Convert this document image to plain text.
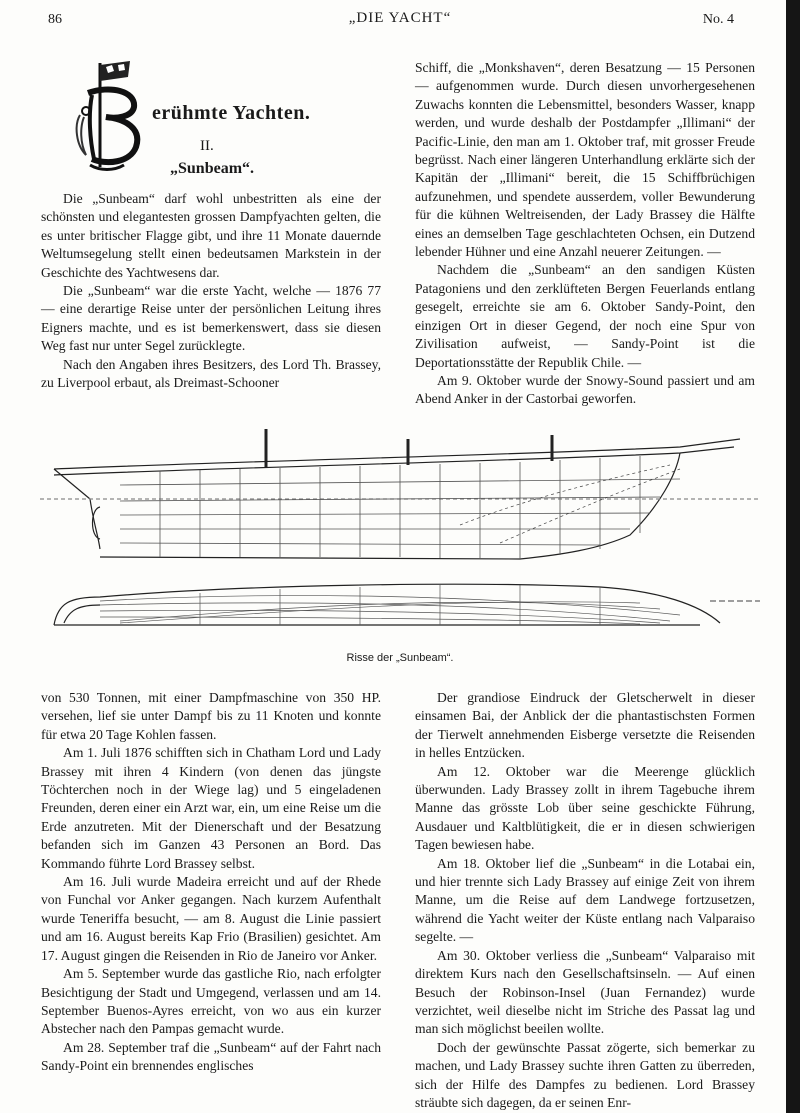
86	„DIE YACHT“	No. 4
erühmte Yachten.
II.
„Sunbeam“.

Die „Sunbeam“ darf wohl unbestritten als eine der schönsten und elegantesten grossen Dampfyachten gelten, die es unter britischer Flagge gibt, und ihre 11 Monate dauernde Weltumsegelung stellt einen bedeutsamen Markstein in der Geschichte des Yachtwesens dar.

Die „Sunbeam“ war die erste Yacht, welche — 1876 77 — eine derartige Reise unter der persönlichen Leitung ihres Eigners machte, und es ist bemerkenswert, dass sie diesen Weg fast nur unter Segel zurücklegte.

Nach den Angaben ihres Besitzers, des Lord Th. Brassey, zu Liverpool erbaut, als Dreimast-Schooner

Schiff, die „Monkshaven“, deren Besatzung — 15 Personen — aufgenommen wurde. Durch diesen unvorhergesehenen Zuwachs konnten die Lebensmittel, besonders Wasser, knapp werden, und wurde deshalb der Postdampfer „Illimani“ der Pacific-Linie, den man am 1. Oktober traf, mit grosser Freude begrüsst. Nach einer längeren Unterhandlung erklärte sich der Kapitän der „Illimani“ bereit, die 15 Schiffbrüchigen aufzunehmen, und spendete ausserdem, voller Bewunderung für die kühnen Weltreisenden, der Lady Brassey die Hälfte eines an demselben Tage geschlachteten Ochsen, ein Dutzend lebender Hühner und eine Anzahl neuerer Zeitungen. —

Nachdem die „Sunbeam“ an den sandigen Küsten Patagoniens und den zerklüfteten Bergen Feuerlands entlang gesegelt, erreichte sie am 6. Oktober Sandy-Point, den einzigen Ort in dieser Gegend, der noch eine Spur von Zivilisation aufweist, — Sandy-Point ist die Deportationsstätte der Republik Chile. —

Am 9. Oktober wurde der Snowy-Sound passiert und am Abend Anker in der Castorbai geworfen.

Risse der „Sunbeam“.

von 530 Tonnen, mit einer Dampfmaschine von 350 HP. versehen, lief sie unter Dampf bis zu 11 Knoten und konnte für etwa 20 Tage Kohlen fassen.

Am 1. Juli 1876 schifften sich in Chatham Lord und Lady Brassey mit ihren 4 Kindern (von denen das jüngste Töchterchen noch in der Wiege lag) und 5 eingeladenen Freunden, deren einer ein Arzt war, ein, um eine Reise um die Erde anzutreten. Mit der Dienerschaft und der Besatzung befanden sich im Ganzen 43 Personen an Bord. Das Kommando führte Lord Brassey selbst.

Am 16. Juli wurde Madeira erreicht und auf der Rhede von Funchal vor Anker gegangen. Nach kurzem Aufenthalt wurde Teneriffa besucht, — am 8. August die Linie passiert und am 16. August bereits Kap Frio (Brasilien) gesichtet. Am 17. August gingen die Reisenden in Rio de Janeiro vor Anker.

Am 5. September wurde das gastliche Rio, nach erfolgter Besichtigung der Stadt und Umgegend, verlassen und am 14. September Buenos-Ayres erreicht, von wo aus ein kurzer Abstecher nach den Pampas gemacht wurde.

Am 28. September traf die „Sunbeam“ auf der Fahrt nach Sandy-Point ein brennendes englisches

Der grandiose Eindruck der Gletscherwelt in dieser einsamen Bai, der Anblick der die phantastischsten Formen der Tierwelt annehmenden Eisberge versetzte die Reisenden in helles Entzücken.

Am 12. Oktober war die Meerenge glücklich überwunden. Lady Brassey zollt in ihrem Tagebuche ihrem Manne das grösste Lob über seine geschickte Führung, Ausdauer und Kaltblütigkeit, die er in diesen schwierigen Tagen bewiesen habe.

Am 18. Oktober lief die „Sunbeam“ in die Lotabai ein, und hier trennte sich Lady Brassey auf einige Zeit von ihrem Manne, um die Reise auf dem Landwege fortzusetzen, während die Yacht weiter der Küste entlang nach Valparaiso segelte. —

Am 30. Oktober verliess die „Sunbeam“ Valparaiso mit direktem Kurs nach den Gesellschaftsinseln. — Auf einen Besuch der Robinson-Insel (Juan Fernandez) wurde verzichtet, weil dieselbe nicht im Striche des Passat lag und man sich möglichst beeilen wollte.

Doch der gewünschte Passat zögerte, sich bemerkar zu machen, und Lady Brassey suchte ihren Gatten zu überreden, sich der Hilfe des Dampfes zu bedienen. Lord Brassey sträubte sich dagegen, da er seinen Enr-
